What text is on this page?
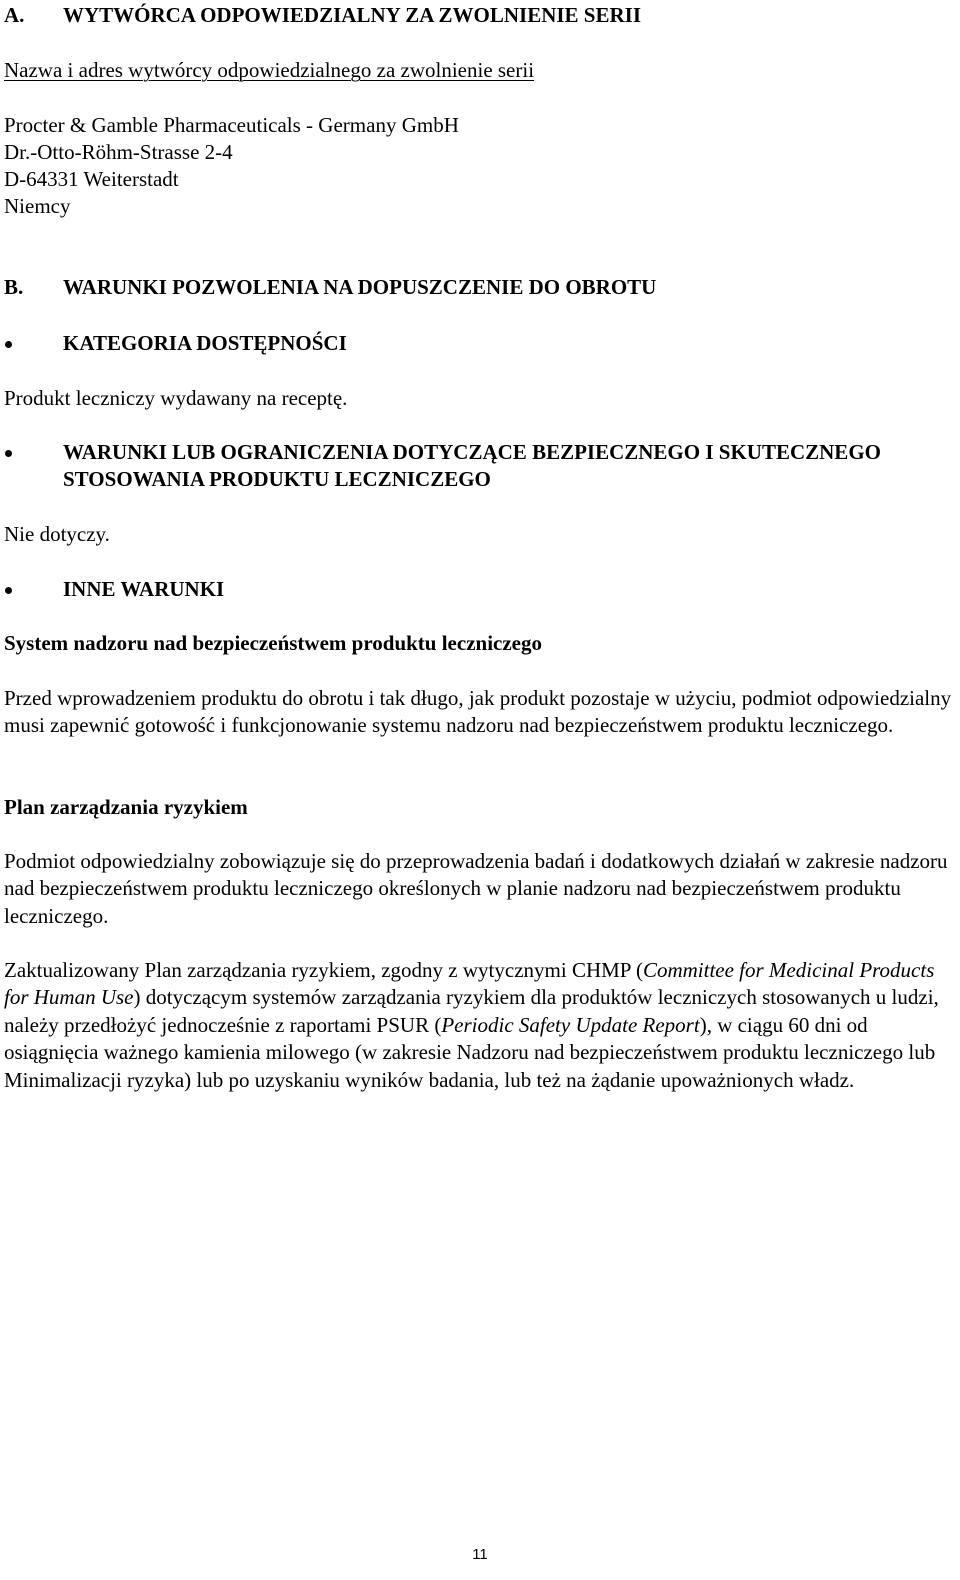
A. WYTWÓRCA ODPOWIEDZIALNY ZA ZWOLNIENIE SERII
Nazwa i adres wytwórcy odpowiedzialnego za zwolnienie serii
Procter & Gamble Pharmaceuticals - Germany GmbH
Dr.-Otto-Röhm-Strasse 2-4
D-64331 Weiterstadt
Niemcy
B. WARUNKI POZWOLENIA NA DOPUSZCZENIE DO OBROTU
KATEGORIA DOSTĘPNOŚCI
Produkt leczniczy wydawany na receptę.
WARUNKI LUB OGRANICZENIA DOTYCZĄCE BEZPIECZNEGO I SKUTECZNEGO STOSOWANIA PRODUKTU LECZNICZEGO
Nie dotyczy.
INNE WARUNKI
System nadzoru nad bezpieczeństwem produktu leczniczego
Przed wprowadzeniem produktu do obrotu i tak długo, jak produkt pozostaje w użyciu, podmiot odpowiedzialny musi zapewnić gotowość i funkcjonowanie systemu nadzoru nad bezpieczeństwem produktu leczniczego.
Plan zarządzania ryzykiem
Podmiot odpowiedzialny zobowiązuje się do przeprowadzenia badań i dodatkowych działań w zakresie nadzoru nad bezpieczeństwem produktu leczniczego określonych w planie nadzoru nad bezpieczeństwem produktu leczniczego.
Zaktualizowany Plan zarządzania ryzykiem, zgodny z wytycznymi CHMP (Committee for Medicinal Products for Human Use) dotyczącym systemów zarządzania ryzykiem dla produktów leczniczych stosowanych u ludzi, należy przedłożyć jednocześnie z raportami PSUR (Periodic Safety Update Report), w ciągu 60 dni od osiągnięcia ważnego kamienia milowego (w zakresie Nadzoru nad bezpieczeństwem produktu leczniczego lub Minimalizacji ryzyka) lub po uzyskaniu wyników badania, lub też na żądanie upoważnionych władz.
11
